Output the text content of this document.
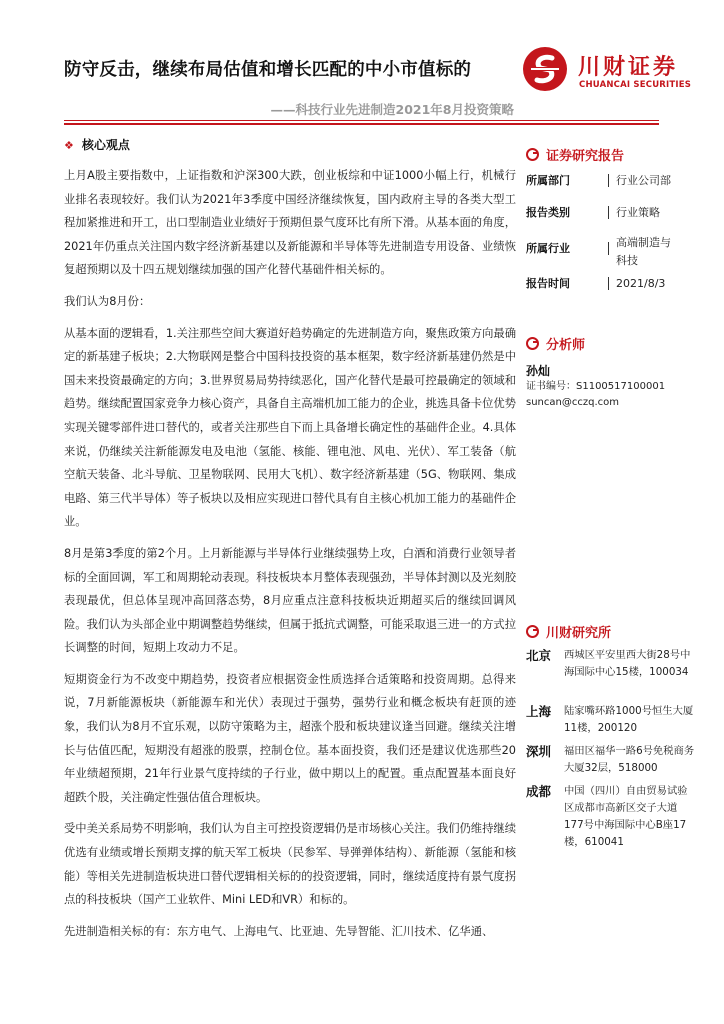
防守反击，继续布局估值和增长匹配的中小市值标的
——科技行业先进制造2021年8月投资策略
川财证券
CHUANCAI SECURITIES
❖ 核心观点

上月A股主要指数中，上证指数和沪深300大跌，创业板综和中证1000小幅上行，机械行业排名表现较好。我们认为2021年3季度中国经济继续恢复，国内政府主导的各类大型工程加紧推进和开工，出口型制造业业绩好于预期但景气度环比有所下滑。从基本面的角度，2021年仍重点关注国内数字经济新基建以及新能源和半导体等先进制造专用设备、业绩恢复超预期以及十四五规划继续加强的国产化替代基础件相关标的。

我们认为8月份：

从基本面的逻辑看，1.关注那些空间大赛道好趋势确定的先进制造方向，聚焦政策方向最确定的新基建子板块；2.大物联网是整合中国科技投资的基本框架，数字经济新基建仍然是中国未来投资最确定的方向；3.世界贸易局势持续恶化，国产化替代是最可控最确定的领域和趋势。继续配置国家竞争力核心资产，具备自主高端机加工能力的企业，挑选具备卡位优势实现关键零部件进口替代的，或者关注那些自下而上具备增长确定性的基础件企业。4.具体来说，仍继续关注新能源发电及电池（氢能、核能、锂电池、风电、光伏）、军工装备（航空航天装备、北斗导航、卫星物联网、民用大飞机）、数字经济新基建（5G、物联网、集成电路、第三代半导体）等子板块以及相应实现进口替代具有自主核心机加工能力的基础件企业。

8月是第3季度的第2个月。上月新能源与半导体行业继续强势上攻，白酒和消费行业领导者标的全面回调，军工和周期轮动表现。科技板块本月整体表现强劲，半导体封测以及光刻胶表现最优，但总体呈现冲高回落态势，8月应重点注意科技板块近期超买后的继续回调风险。我们认为头部企业中期调整趋势继续，但属于抵抗式调整，可能采取退三进一的方式拉长调整的时间，短期上攻动力不足。

短期资金行为不改变中期趋势，投资者应根据资金性质选择合适策略和投资周期。总得来说，7月新能源板块（新能源车和光伏）表现过于强势，强势行业和概念板块有赶顶的迹象，我们认为8月不宜乐观，以防守策略为主，超涨个股和板块建议逢当回避。继续关注增长与估值匹配，短期没有超涨的股票，控制仓位。基本面投资，我们还是建议优选那些20年业绩超预期，21年行业景气度持续的子行业，做中期以上的配置。重点配置基本面良好超跌个股，关注确定性强估值合理板块。

受中美关系局势不明影响，我们认为自主可控投资逻辑仍是市场核心关注。我们仍维持继续优选有业绩或增长预期支撑的航天军工板块（民参军、导弹弹体结构）、新能源（氢能和核能）等相关先进制造板块进口替代逻辑相关标的的投资逻辑，同时，继续适度持有景气度拐点的科技板块（国产工业软件、Mini LED和VR）和标的。

先进制造相关标的有：东方电气、上海电气、比亚迪、先导智能、汇川技术、亿华通、

证券研究报告
所属部门	行业公司部
报告类别	行业策略
所属行业	高端制造与科技
报告时间	2021/8/3
分析师
孙灿
证书编号：S1100517100001
suncan@cczq.com
川财研究所
北京 西城区平安里西大街28号中海国际中心15楼，100034
上海 陆家嘴环路1000号恒生大厦11楼，200120
深圳 福田区福华一路6号免税商务大厦32层，518000
成都 中国（四川）自由贸易试验区成都市高新区交子大道177号中海国际中心B座17楼，610041
